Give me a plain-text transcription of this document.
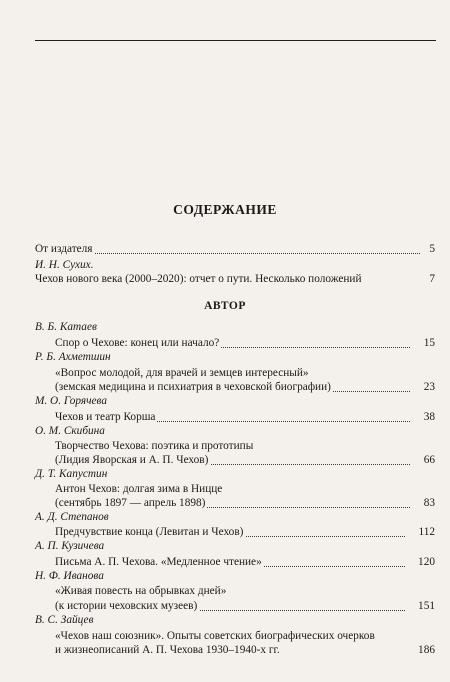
СОДЕРЖАНИЕ
От издателя	5
И. Н. Сухих.
Чехов нового века (2000–2020): отчет о пути. Несколько положений	7
АВТОР
В. Б. Катаев
Спор о Чехове: конец или начало?	15
Р. Б. Ахметшин
«Вопрос молодой, для врачей и земцев интересный»
(земская медицина и психиатрия в чеховской биографии)	23
М. О. Горячева
Чехов и театр Корша	38
О. М. Скибина
Творчество Чехова: поэтика и прототипы
(Лидия Яворская и А. П. Чехов)	66
Д. Т. Капустин
Антон Чехов: долгая зима в Ницце
(сентябрь 1897 — апрель 1898)	83
А. Д. Степанов
Предчувствие конца (Левитан и Чехов)	112
А. П. Кузичева
Письма А. П. Чехова. «Медленное чтение»	120
Н. Ф. Иванова
«Живая повесть на обрывках дней»
(к истории чеховских музеев)	151
В. С. Зайцев
«Чехов наш союзник». Опыты советских биографических очерков
и жизнеописаний А. П. Чехова 1930–1940-х гг.	186
